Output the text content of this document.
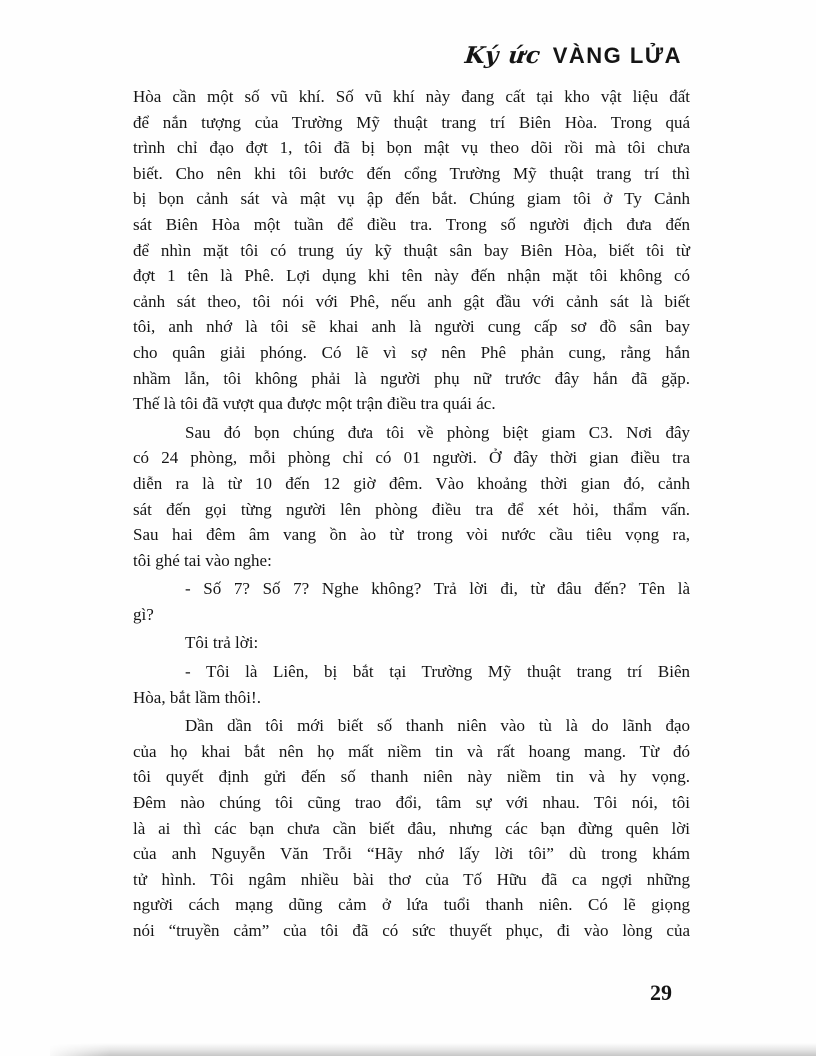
Ký ức VÀNG LỬA

Hòa cần một số vũ khí. Số vũ khí này đang cất tại kho vật liệu đất
để nắn tượng của Trường Mỹ thuật trang trí Biên Hòa. Trong quá
trình chỉ đạo đợt 1, tôi đã bị bọn mật vụ theo dõi rồi mà tôi chưa
biết. Cho nên khi tôi bước đến cổng Trường Mỹ thuật trang trí thì
bị bọn cảnh sát và mật vụ ập đến bắt. Chúng giam tôi ở Ty Cảnh
sát Biên Hòa một tuần để điều tra. Trong số người địch đưa đến
để nhìn mặt tôi có trung úy kỹ thuật sân bay Biên Hòa, biết tôi từ
đợt 1 tên là Phê. Lợi dụng khi tên này đến nhận mặt tôi không có
cảnh sát theo, tôi nói với Phê, nếu anh gật đầu với cảnh sát là biết
tôi, anh nhớ là tôi sẽ khai anh là người cung cấp sơ đồ sân bay
cho quân giải phóng. Có lẽ vì sợ nên Phê phản cung, rằng hắn
nhầm lẫn, tôi không phải là người phụ nữ trước đây hắn đã gặp.
Thế là tôi đã vượt qua được một trận điều tra quái ác.

Sau đó bọn chúng đưa tôi về phòng biệt giam C3. Nơi đây
có 24 phòng, mỗi phòng chỉ có 01 người. Ở đây thời gian điều tra
diễn ra là từ 10 đến 12 giờ đêm. Vào khoảng thời gian đó, cảnh
sát đến gọi từng người lên phòng điều tra để xét hỏi, thẩm vấn.
Sau hai đêm âm vang ồn ào từ trong vòi nước cầu tiêu vọng ra,
tôi ghé tai vào nghe:

- Số 7? Số 7? Nghe không? Trả lời đi, từ đâu đến? Tên là
gì?

Tôi trả lời:

- Tôi là Liên, bị bắt tại Trường Mỹ thuật trang trí Biên
Hòa, bắt lầm thôi!.

Dần dần tôi mới biết số thanh niên vào tù là do lãnh đạo
của họ khai bắt nên họ mất niềm tin và rất hoang mang. Từ đó
tôi quyết định gửi đến số thanh niên này niềm tin và hy vọng.
Đêm nào chúng tôi cũng trao đổi, tâm sự với nhau. Tôi nói, tôi
là ai thì các bạn chưa cần biết đâu, nhưng các bạn đừng quên lời
của anh Nguyễn Văn Trỗi “Hãy nhớ lấy lời tôi” dù trong khám
tử hình. Tôi ngâm nhiều bài thơ của Tố Hữu đã ca ngợi những
người cách mạng dũng cảm ở lứa tuổi thanh niên. Có lẽ giọng
nói “truyền cảm” của tôi đã có sức thuyết phục, đi vào lòng của

29
